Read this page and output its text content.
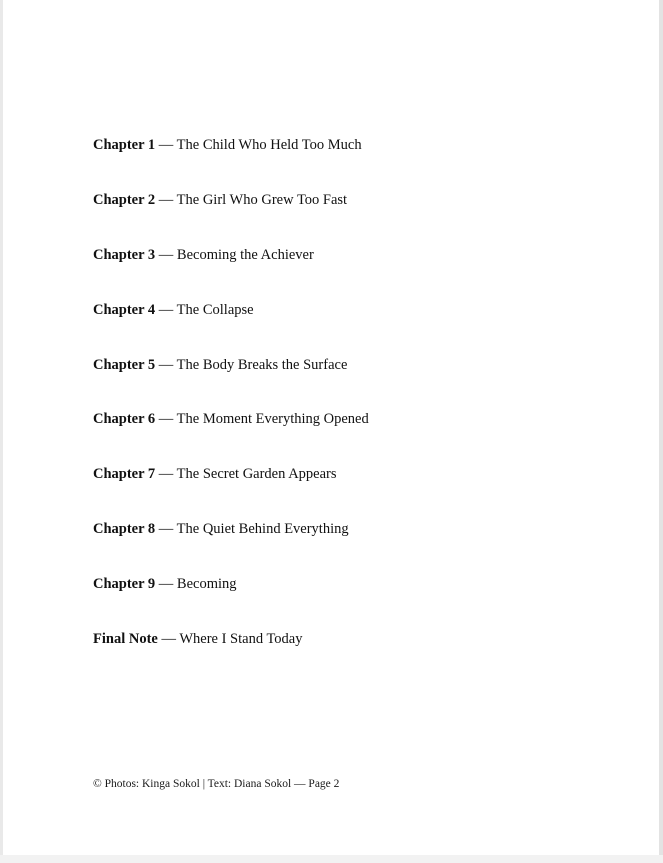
Chapter 1 — The Child Who Held Too Much
Chapter 2 — The Girl Who Grew Too Fast
Chapter 3 — Becoming the Achiever
Chapter 4 — The Collapse
Chapter 5 — The Body Breaks the Surface
Chapter 6 — The Moment Everything Opened
Chapter 7 — The Secret Garden Appears
Chapter 8 — The Quiet Behind Everything
Chapter 9 — Becoming
Final Note — Where I Stand Today
© Photos: Kinga Sokol | Text: Diana Sokol — Page 2
